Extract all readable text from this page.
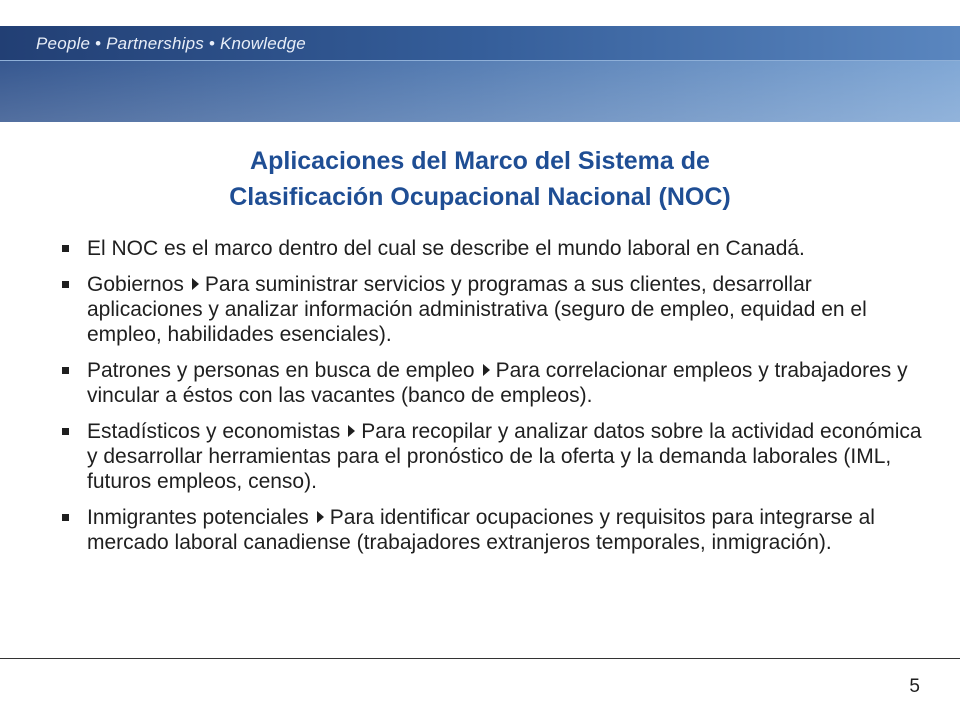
People • Partnerships • Knowledge
Aplicaciones del Marco del Sistema de
Clasificación Ocupacional Nacional (NOC)
El NOC es el marco dentro del cual se describe el mundo laboral en Canadá.
Gobiernos Para suministrar servicios y programas a sus clientes, desarrollar aplicaciones y analizar información administrativa (seguro de empleo, equidad en el empleo, habilidades esenciales).
Patrones y personas en busca de empleo Para correlacionar empleos y trabajadores y vincular a éstos con las vacantes (banco de empleos).
Estadísticos y economistas Para recopilar y analizar datos sobre la actividad económica y desarrollar herramientas para el pronóstico de la oferta y la demanda laborales (IML, futuros empleos, censo).
Inmigrantes potenciales Para identificar ocupaciones y requisitos para integrarse al mercado laboral canadiense (trabajadores extranjeros temporales, inmigración).
5
